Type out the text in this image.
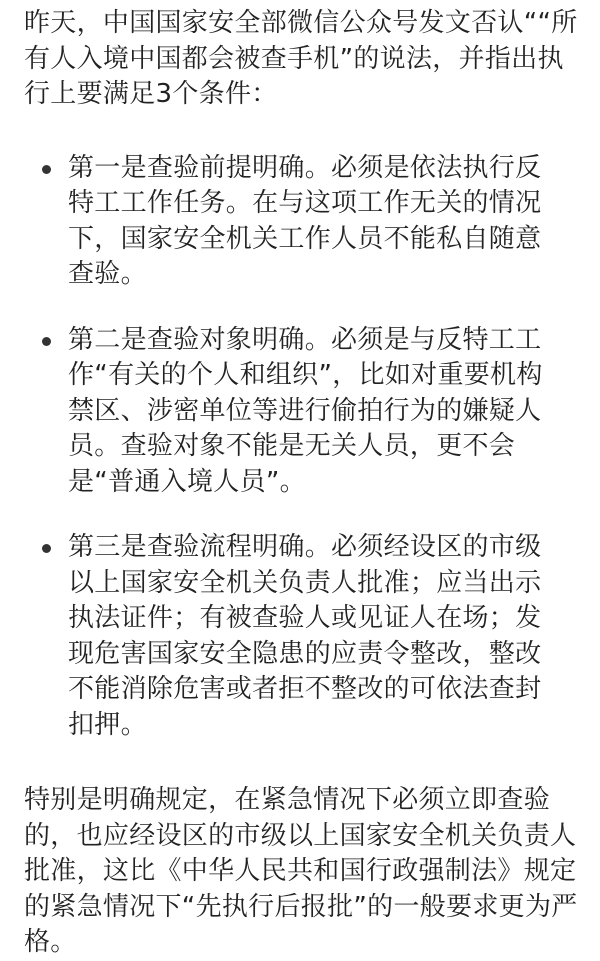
昨天，中国国家安全部微信公众号发文否认““所有人入境中国都会被查手机”的说法，并指出执行上要满足3个条件：

第一是查验前提明确。必须是依法执行反特工工作任务。在与这项工作无关的情况下，国家安全机关工作人员不能私自随意查验。
第二是查验对象明确。必须是与反特工工作“有关的个人和组织”，比如对重要机构禁区、涉密单位等进行偷拍行为的嫌疑人员。查验对象不能是无关人员，更不会是“普通入境人员”。
第三是查验流程明确。必须经设区的市级以上国家安全机关负责人批准；应当出示执法证件；有被查验人或见证人在场；发现危害国家安全隐患的应责令整改，整改不能消除危害或者拒不整改的可依法查封扣押。

特别是明确规定，在紧急情况下必须立即查验的，也应经设区的市级以上国家安全机关负责人批准，这比《中华人民共和国行政强制法》规定的紧急情况下“先执行后报批”的一般要求更为严格。
